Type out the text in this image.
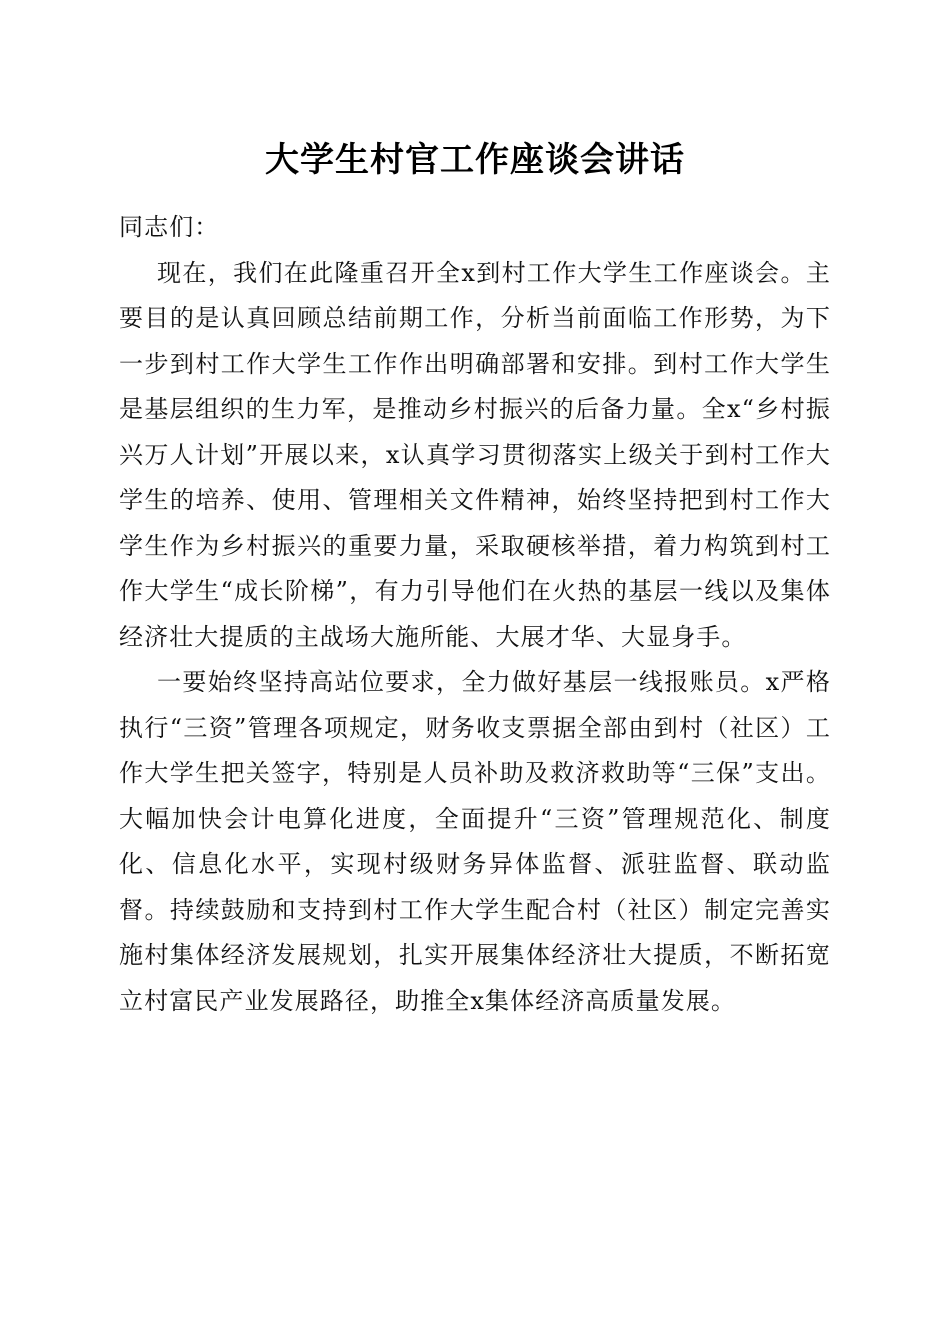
大学生村官工作座谈会讲话

同志们：

现在，我们在此隆重召开全x到村工作大学生工作座谈会。主要目的是认真回顾总结前期工作，分析当前面临工作形势，为下一步到村工作大学生工作作出明确部署和安排。到村工作大学生是基层组织的生力军，是推动乡村振兴的后备力量。全x“乡村振兴万人计划”开展以来，x认真学习贯彻落实上级关于到村工作大学生的培养、使用、管理相关文件精神，始终坚持把到村工作大学生作为乡村振兴的重要力量，采取硬核举措，着力构筑到村工作大学生“成长阶梯”，有力引导他们在火热的基层一线以及集体经济壮大提质的主战场大施所能、大展才华、大显身手。

一要始终坚持高站位要求，全力做好基层一线报账员。x严格执行“三资”管理各项规定，财务收支票据全部由到村（社区）工作大学生把关签字，特别是人员补助及救济救助等“三保”支出。大幅加快会计电算化进度，全面提升“三资”管理规范化、制度化、信息化水平，实现村级财务异体监督、派驻监督、联动监督。持续鼓励和支持到村工作大学生配合村（社区）制定完善实施村集体经济发展规划，扎实开展集体经济壮大提质，不断拓宽立村富民产业发展路径，助推全x集体经济高质量发展。
